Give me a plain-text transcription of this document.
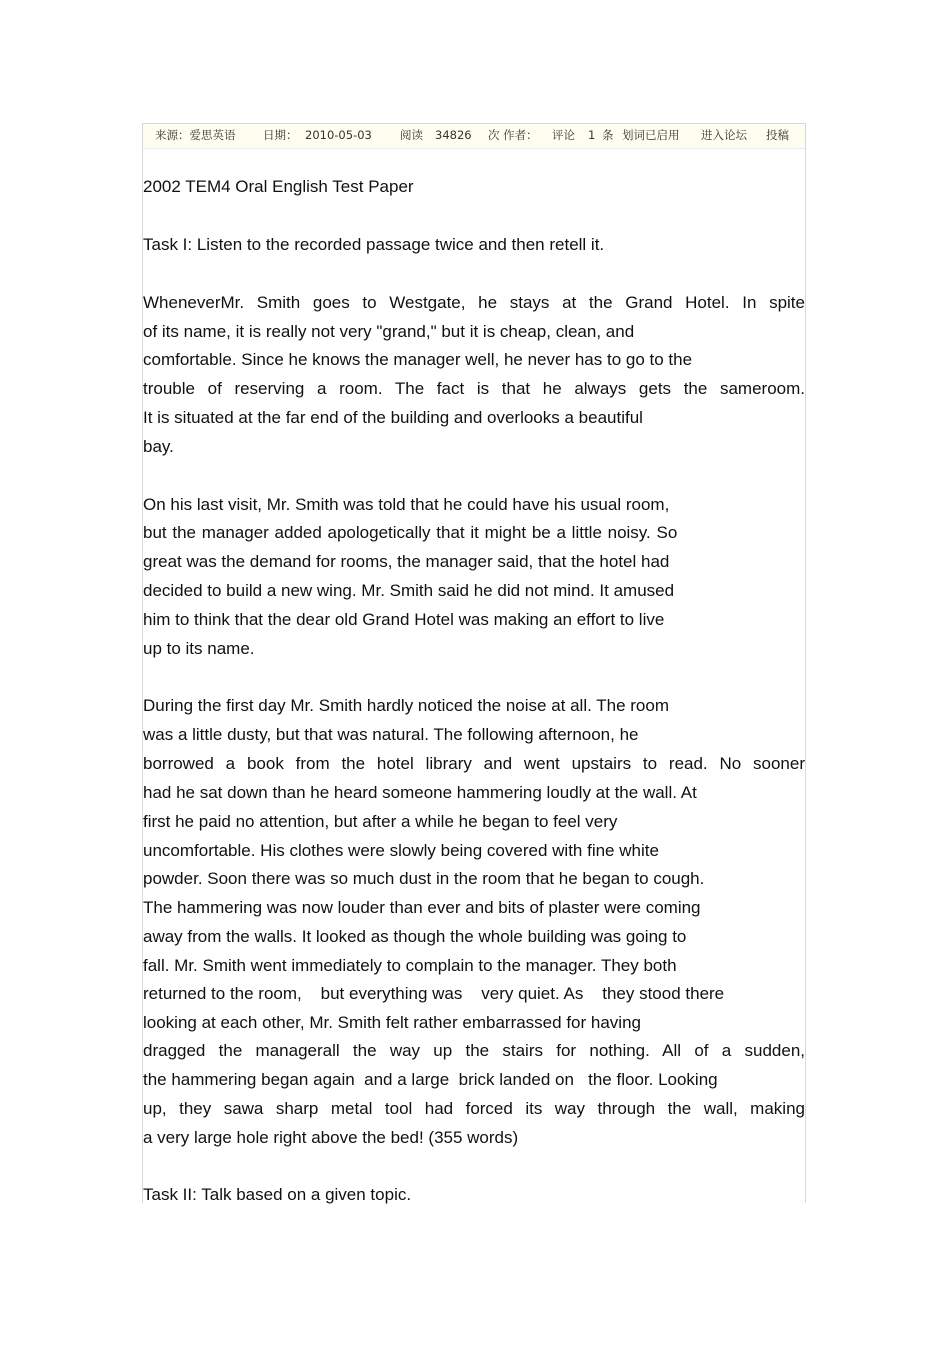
来源：爱思英语 日期： 2010-05-03 阅读 34826 次 作者： 评论 1 条 划词已启用 进入论坛 投稿
2002 TEM4 Oral English Test Paper
Task I: Listen to the recorded passage twice and then retell it.
WheneverMr. Smith goes to Westgate, he stays at the Grand Hotel. In spite
of its name, it is really not very "grand," but it is cheap, clean, and
comfortable. Since he knows the manager well, he never has to go to the
trouble of reserving a room. The fact is that he always gets the sameroom.
It is situated at the far end of the building and overlooks a beautiful
bay.
On his last visit, Mr. Smith was told that he could have his usual room,
but the manager added apologetically that it might be a little noisy. So
great was the demand for rooms, the manager said, that the hotel had
decided to build a new wing. Mr. Smith said he did not mind. It amused
him to think that the dear old Grand Hotel was making an effort to live
up to its name.
During the first day Mr. Smith hardly noticed the noise at all. The room
was a little dusty, but that was natural. The following afternoon, he
borrowed a book from the hotel library and went upstairs to read. No sooner
had he sat down than he heard someone hammering loudly at the wall. At
first he paid no attention, but after a while he began to feel very
uncomfortable. His clothes were slowly being covered with fine white
powder. Soon there was so much dust in the room that he began to cough.
The hammering was now louder than ever and bits of plaster were coming
away from the walls. It looked as though the whole building was going to
fall. Mr. Smith went immediately to complain to the manager. They both
returned to the room,    but everything was    very quiet. As    they stood there
looking at each other, Mr. Smith felt rather embarrassed for having
dragged the managerall the way up the stairs for nothing. All of a sudden,
the hammering began again  and a large  brick landed on   the floor. Looking
up, they sawa sharp metal tool had forced its way through the wall, making
a very large hole right above the bed! (355 words)
Task II: Talk based on a given topic.
